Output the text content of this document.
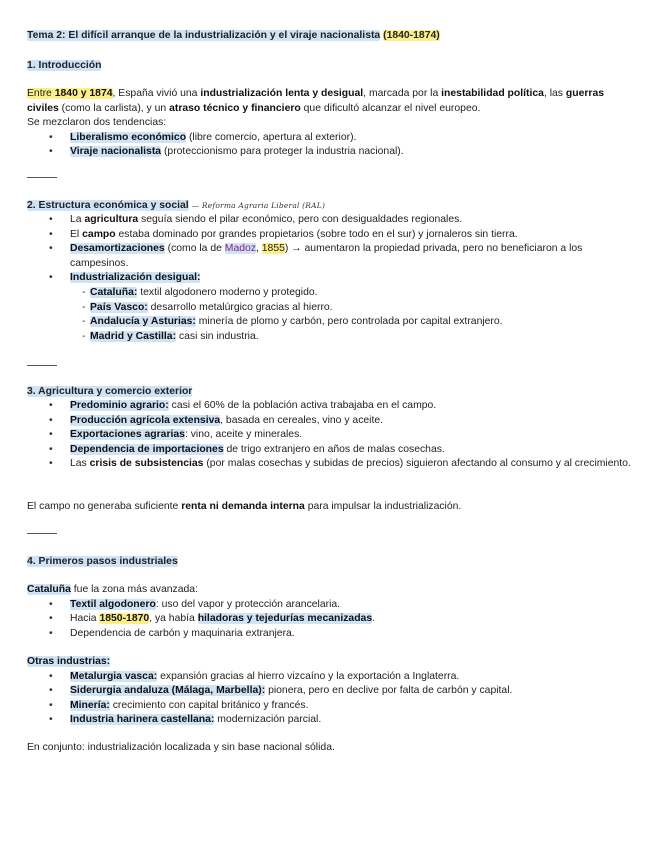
Tema 2: El difícil arranque de la industrialización y el viraje nacionalista (1840-1874)
1. Introducción

Entre 1840 y 1874, España vivió una industrialización lenta y desigual, marcada por la inestabilidad política, las guerras civiles (como la carlista), y un atraso técnico y financiero que dificultó alcanzar el nivel europeo.
Se mezclaron dos tendencias:

• Liberalismo económico (libre comercio, apertura al exterior).
• Viraje nacionalista (proteccionismo para proteger la industria nacional).
2. Estructura económica y social — Reforma Agraria Liberal (RAL)
• La agricultura seguía siendo el pilar económico, pero con desigualdades regionales.
• El campo estaba dominado por grandes propietarios (sobre todo en el sur) y jornaleros sin tierra.
• Desamortizaciones (como la de Madoz, 1855) → aumentaron la propiedad privada, pero no beneficiaron a los campesinos.
• Industrialización desigual:
- Cataluña: textil algodonero moderno y protegido.
- País Vasco: desarrollo metalúrgico gracias al hierro.
- Andalucía y Asturias: minería de plomo y carbón, pero controlada por capital extranjero.
- Madrid y Castilla: casi sin industria.
3. Agricultura y comercio exterior
• Predominio agrario: casi el 60% de la población activa trabajaba en el campo.
• Producción agrícola extensiva, basada en cereales, vino y aceite.
• Exportaciones agrarias: vino, aceite y minerales.
• Dependencia de importaciones de trigo extranjero en años de malas cosechas.
• Las crisis de subsistencias (por malas cosechas y subidas de precios) siguieron afectando al consumo y al crecimiento.

El campo no generaba suficiente renta ni demanda interna para impulsar la industrialización.

4. Primeros pasos industriales

Cataluña fue la zona más avanzada:

• Textil algodonero: uso del vapor y protección arancelaria.
• Hacia 1850-1870, ya había hiladoras y tejedurías mecanizadas.
• Dependencia de carbón y maquinaria extranjera.

Otras industrias:

• Metalurgia vasca: expansión gracias al hierro vizcaíno y la exportación a Inglaterra.
• Siderurgia andaluza (Málaga, Marbella): pionera, pero en declive por falta de carbón y capital.
• Minería: crecimiento con capital británico y francés.
• Industria harinera castellana: modernización parcial.

En conjunto: industrialización localizada y sin base nacional sólida.
